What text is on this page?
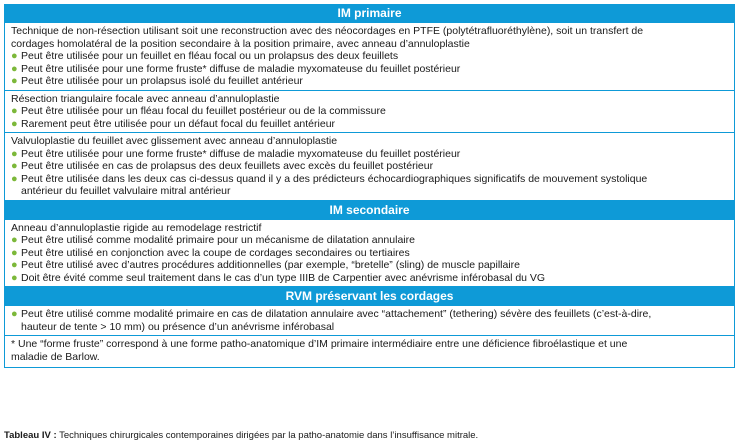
IM primaire
Technique de non-résection utilisant soit une reconstruction avec des néocordages en PTFE (polytétrafluoréthylène), soit un transfert de
cordages homolatéral de la position secondaire à la position primaire, avec anneau d’annuloplastie
● Peut être utilisée pour un feuillet en fléau focal ou un prolapsus des deux feuillets
● Peut être utilisée pour une forme fruste* diffuse de maladie myxomateuse du feuillet postérieur
● Peut être utilisée pour un prolapsus isolé du feuillet antérieur
Résection triangulaire focale avec anneau d’annuloplastie
● Peut être utilisée pour un fléau focal du feuillet postérieur ou de la commissure
● Rarement peut être utilisée pour un défaut focal du feuillet antérieur
Valvuloplastie du feuillet avec glissement avec anneau d’annuloplastie
● Peut être utilisée pour une forme fruste* diffuse de maladie myxomateuse du feuillet postérieur
● Peut être utilisée en cas de prolapsus des deux feuillets avec excès du feuillet postérieur
● Peut être utilisée dans les deux cas ci-dessus quand il y a des prédicteurs échocardiographiques significatifs de mouvement systolique
antérieur du feuillet valvulaire mitral antérieur
IM secondaire
Anneau d’annuloplastie rigide au remodelage restrictif
● Peut être utilisé comme modalité primaire pour un mécanisme de dilatation annulaire
● Peut être utilisé en conjonction avec la coupe de cordages secondaires ou tertiaires
● Peut être utilisé avec d’autres procédures additionnelles (par exemple, “bretelle” (sling) de muscle papillaire
● Doit être évité comme seul traitement dans le cas d’un type IIIB de Carpentier avec anévrisme inférobasal du VG
RVM préservant les cordages
● Peut être utilisé comme modalité primaire en cas de dilatation annulaire avec “attachement” (tethering) sévère des feuillets (c’est-à-dire,
hauteur de tente > 10 mm) ou présence d’un anévrisme inférobasal
* Une “forme fruste” correspond à une forme patho-anatomique d’IM primaire intermédiaire entre une déficience fibroélastique et une
maladie de Barlow.
Tableau IV : Techniques chirurgicales contemporaines dirigées par la patho-anatomie dans l’insuffisance mitrale.
